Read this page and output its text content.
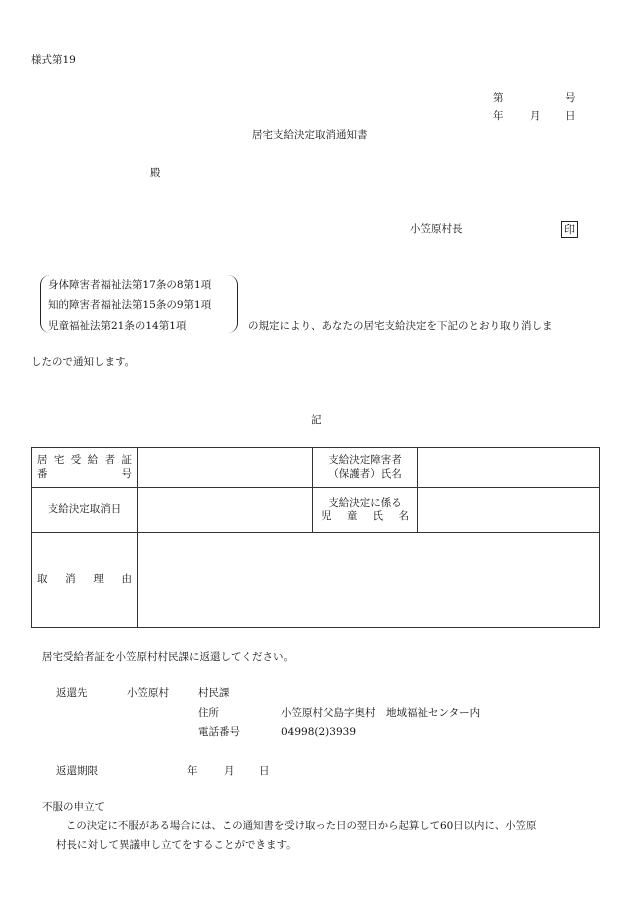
様式第19
第	号
年	月 日
居宅支給決定取消通知書
殿
小笠原村長	印
身体障害者福祉法第17条の8第1項
知的障害者福祉法第15条の9第1項
児童福祉法第21条の14第1項	の規定により、あなたの居宅支給決定を下記のとおり取り消しま
したので通知します。
記
居 宅 受 給 者 証
番　　　　　　　号		支給決定障害者
（保護者）氏名	

支給決定取消日		支給決定に係る
児　童　氏　名	

取　消　理　由			
居宅受給者証を小笠原村村民課に返還してください。
返還先	小笠原村	村民課
住所	小笠原村父島字奥村　地域福祉センター内
電話番号	04998(2)3939
返還期限	年	月 日
不服の申立て
この決定に不服がある場合には、この通知書を受け取った日の翌日から起算して60日以内に、小笠原
村長に対して異議申し立てをすることができます。
